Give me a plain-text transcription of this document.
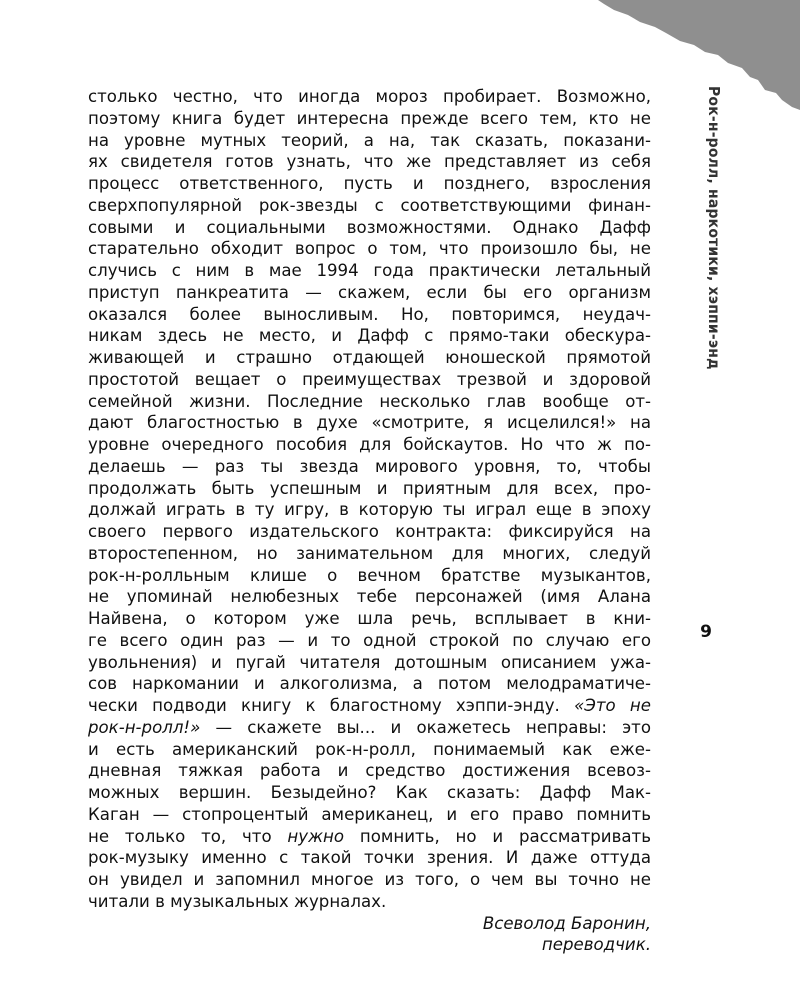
Рок-н-ролл, наркотики, хэппи-энд
9
столько честно, что иногда мороз пробирает. Возможно,
поэтому книга будет интересна прежде всего тем, кто не
на уровне мутных теорий, а на, так сказать, показани-
ях свидетеля готов узнать, что же представляет из себя
процесс ответственного, пусть и позднего, взросления
сверхпопулярной рок-звезды с соответствующими финан-
совыми и социальными возможностями. Однако Дафф
старательно обходит вопрос о том, что произошло бы, не
случись с ним в мае 1994 года практически летальный
приступ панкреатита — скажем, если бы его организм
оказался более выносливым. Но, повторимся, неудач-
никам здесь не место, и Дафф с прямо-таки обескура-
живающей и страшно отдающей юношеской прямотой
простотой вещает о преимуществах трезвой и здоровой
семейной жизни. Последние несколько глав вообще от-
дают благостностью в духе «смотрите, я исцелился!» на
уровне очередного пособия для бойскаутов. Но что ж по-
делаешь — раз ты звезда мирового уровня, то, чтобы
продолжать быть успешным и приятным для всех, про-
должай играть в ту игру, в которую ты играл еще в эпоху
своего первого издательского контракта: фиксируйся на
второстепенном, но занимательном для многих, следуй
рок-н-ролльным клише о вечном братстве музыкантов,
не упоминай нелюбезных тебе персонажей (имя Алана
Найвена, о котором уже шла речь, всплывает в кни-
ге всего один раз — и то одной строкой по случаю его
увольнения) и пугай читателя дотошным описанием ужа-
сов наркомании и алкоголизма, а потом мелодраматиче-
чески подводи книгу к благостному хэппи-энду. «Это не
рок-н-ролл!» — скажете вы... и окажетесь неправы: это
и есть американский рок-н-ролл, понимаемый как еже-
дневная тяжкая работа и средство достижения всевоз-
можных вершин. Безыдейно? Как сказать: Дафф Мак-
Каган — стопроцентый американец, и его право помнить
не только то, что нужно помнить, но и рассматривать
рок-музыку именно с такой точки зрения. И даже оттуда
он увидел и запомнил многое из того, о чем вы точно не
читали в музыкальных журналах.
Всеволод Баронин,
переводчик.
